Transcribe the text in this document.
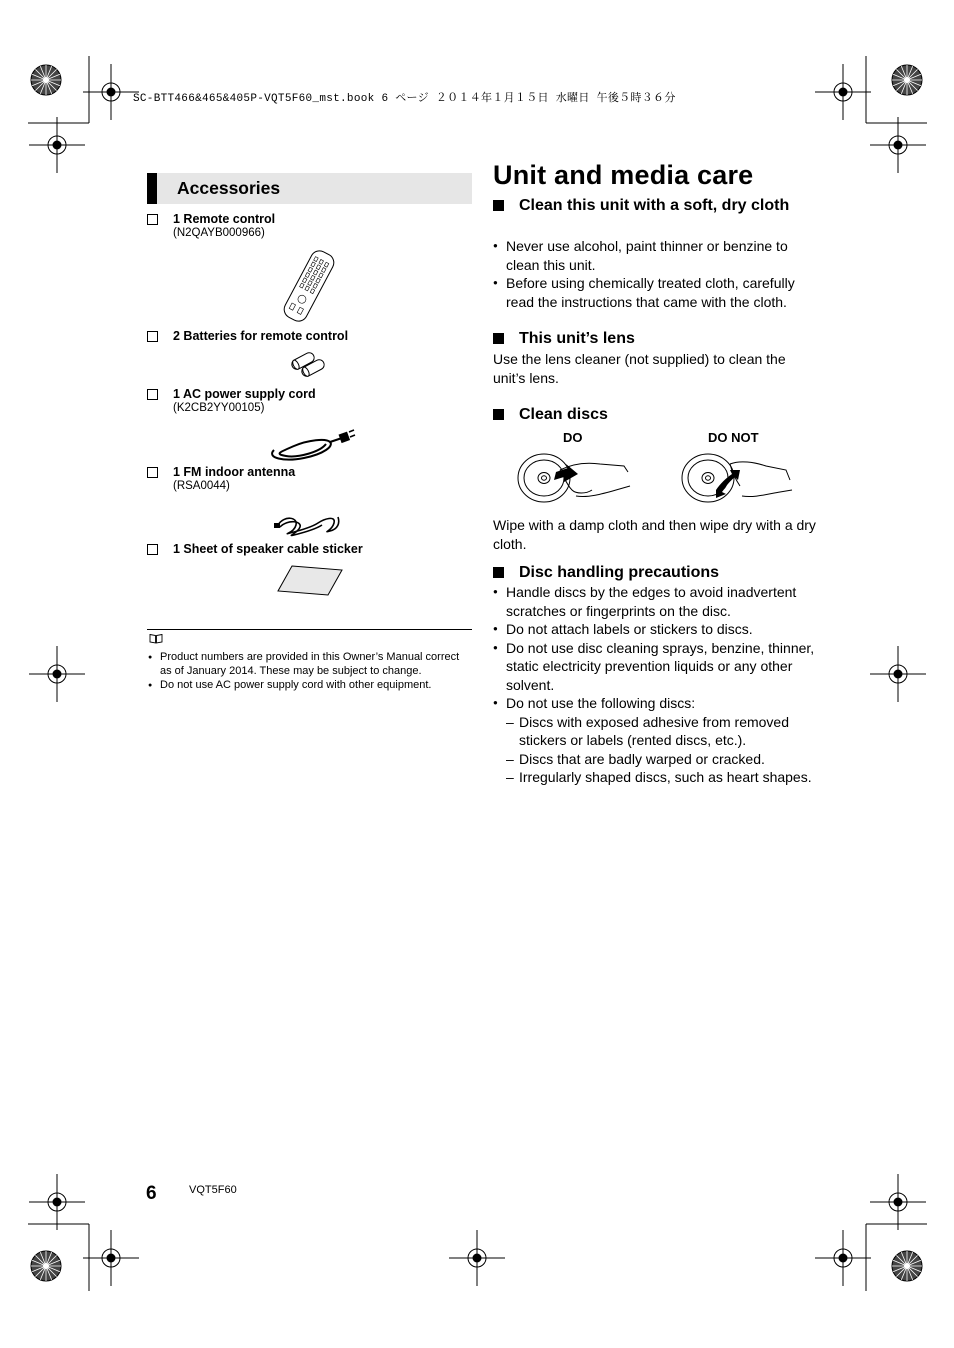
SC-BTT466&465&405P-VQT5F60_mst.book 6 ページ ２０１４年１月１５日 水曜日 午後５時３６分
Accessories
1 Remote control
(N2QAYB000966)
2 Batteries for remote control
1 AC power supply cord
(K2CB2YY00105)
1 FM indoor antenna
(RSA0044)
1 Sheet of speaker cable sticker
● Product numbers are provided in this Owner’s Manual correct as of January 2014. These may be subject to change.
● Do not use AC power supply cord with other equipment.
Unit and media care
Clean this unit with a soft, dry cloth
● Never use alcohol, paint thinner or benzine to clean this unit.
● Before using chemically treated cloth, carefully read the instructions that came with the cloth.
This unit’s lens

Use the lens cleaner (not supplied) to clean the unit’s lens.

Clean discs
DO	DO NOT

Wipe with a damp cloth and then wipe dry with a dry cloth.

Disc handling precautions
● Handle discs by the edges to avoid inadvertent scratches or fingerprints on the disc.
● Do not attach labels or stickers to discs.
● Do not use disc cleaning sprays, benzine, thinner, static electricity prevention liquids or any other solvent.
● Do not use the following discs:
– Discs with exposed adhesive from removed stickers or labels (rented discs, etc.).
– Discs that are badly warped or cracked.
– Irregularly shaped discs, such as heart shapes.
6	VQT5F60
